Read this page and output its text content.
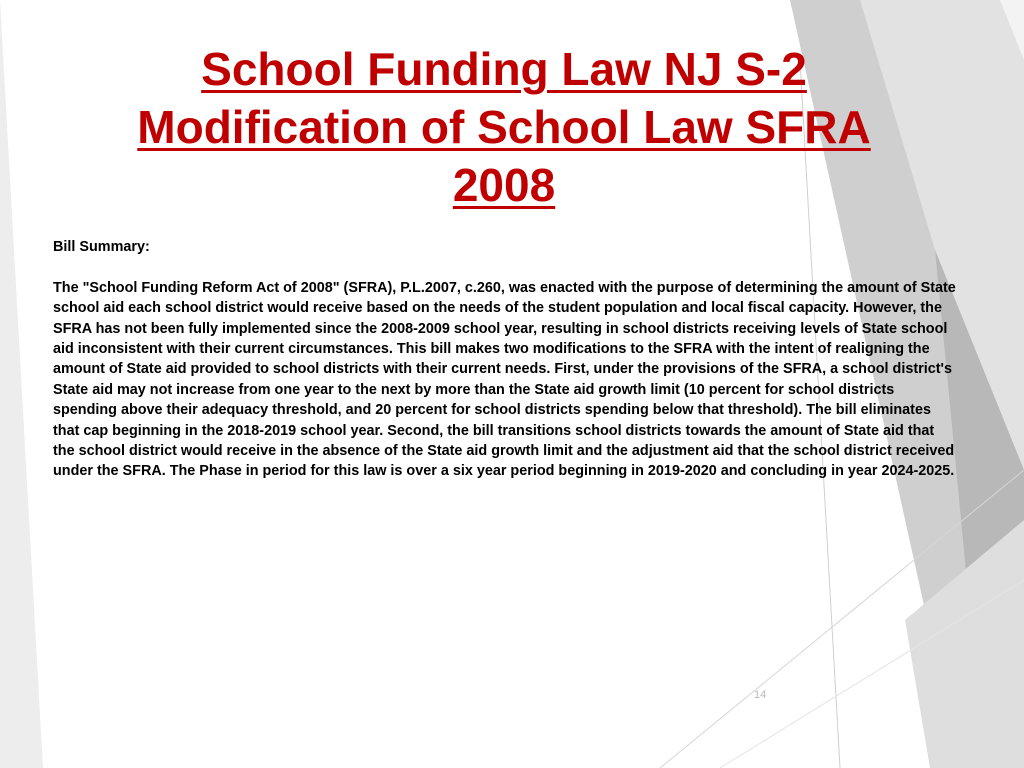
School Funding Law NJ S-2
Modification of School Law SFRA
2008

Bill Summary:

The "School Funding Reform Act of 2008" (SFRA), P.L.2007, c.260, was enacted with the purpose of determining the amount of State school aid each school district would receive based on the needs of the student population and local fiscal capacity. However, the SFRA has not been fully implemented since the 2008-2009 school year, resulting in school districts receiving levels of State school aid inconsistent with their current circumstances. This bill makes two modifications to the SFRA with the intent of realigning the amount of State aid provided to school districts with their current needs. First, under the provisions of the SFRA, a school district's State aid may not increase from one year to the next by more than the State aid growth limit (10 percent for school districts spending above their adequacy threshold, and 20 percent for school districts spending below that threshold). The bill eliminates that cap beginning in the 2018-2019 school year. Second, the bill transitions school districts towards the amount of State aid that the school district would receive in the absence of the State aid growth limit and the adjustment aid that the school district received under the SFRA. The Phase in period for this law is over a six year period beginning in 2019-2020 and concluding in year 2024-2025.

14
